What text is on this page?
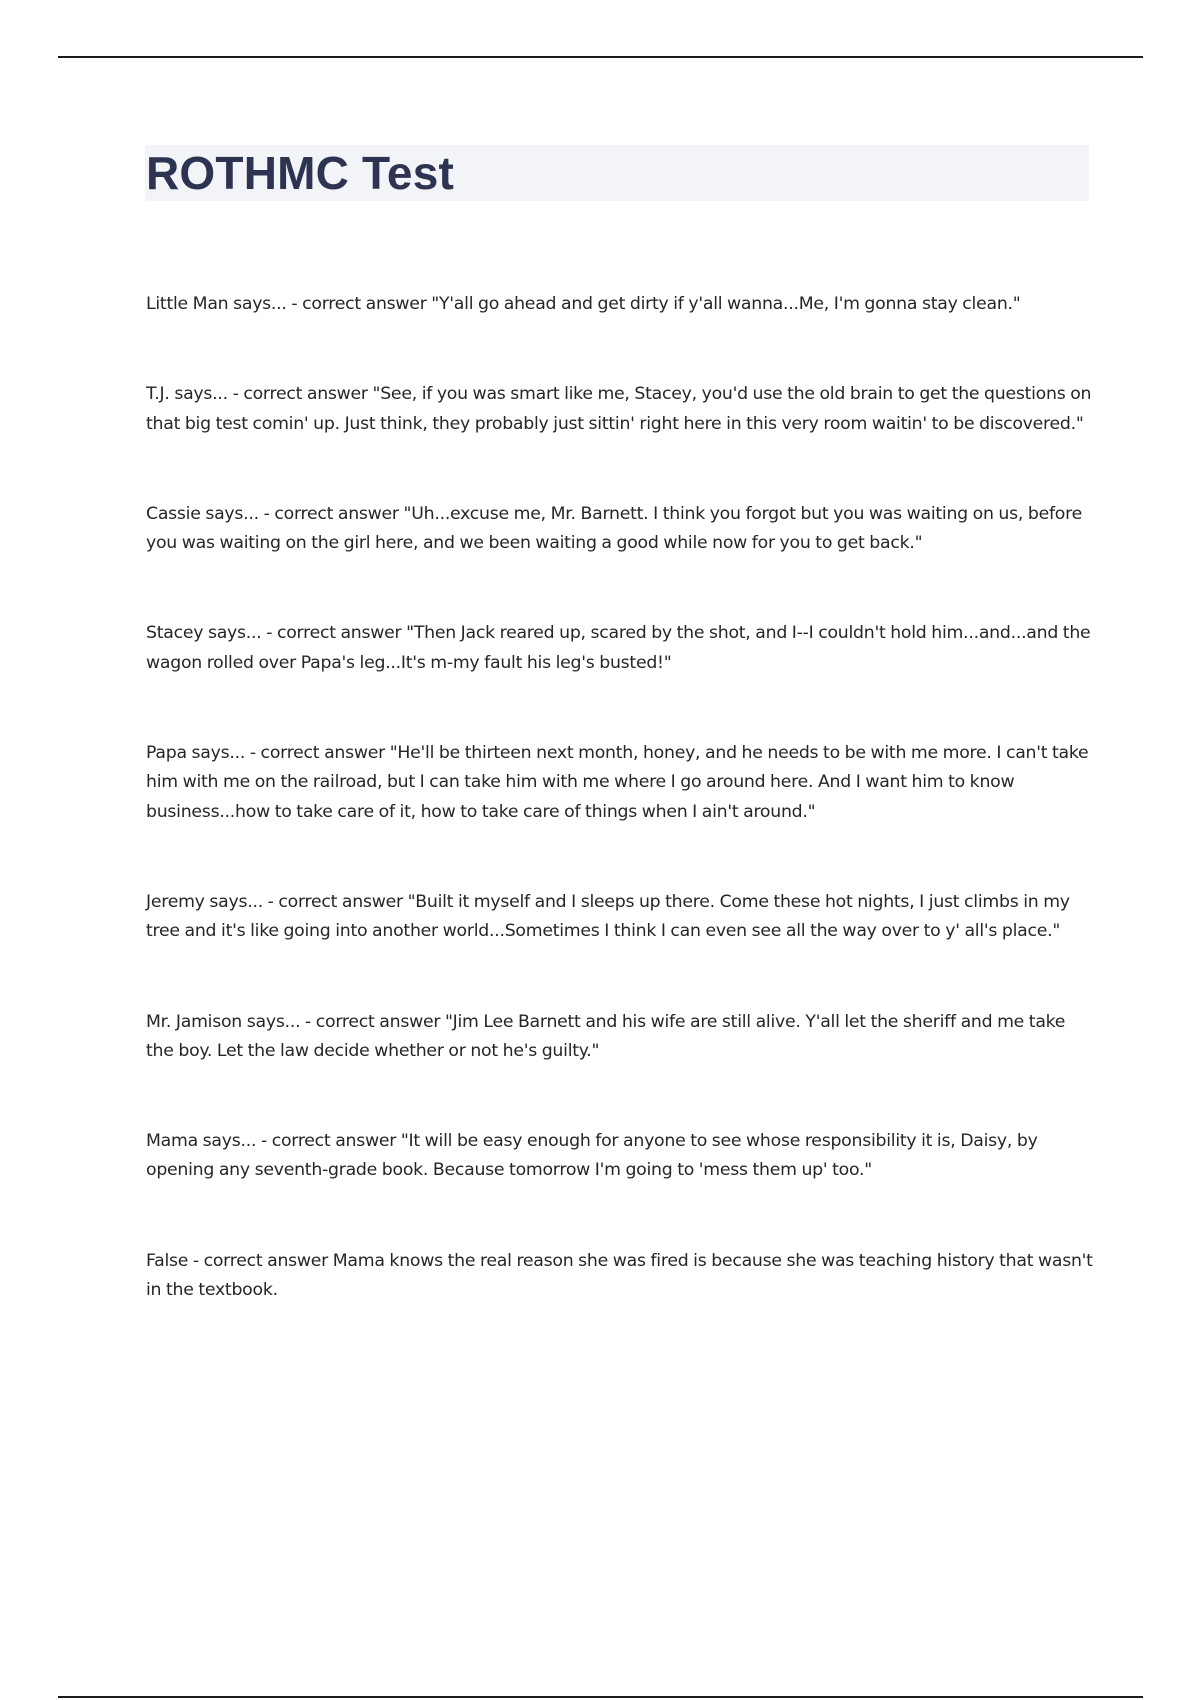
ROTHMC Test
Little Man says... - correct answer "Y'all go ahead and get dirty if y'all wanna...Me, I'm gonna stay clean."
T.J. says... - correct answer "See, if you was smart like me, Stacey, you'd use the old brain to get the questions on that big test comin' up. Just think, they probably just sittin' right here in this very room waitin' to be discovered."
Cassie says... - correct answer "Uh...excuse me, Mr. Barnett. I think you forgot but you was waiting on us, before you was waiting on the girl here, and we been waiting a good while now for you to get back."
Stacey says... - correct answer "Then Jack reared up, scared by the shot, and I--I couldn't hold him...and...and the wagon rolled over Papa's leg...It's m-my fault his leg's busted!"
Papa says... - correct answer "He'll be thirteen next month, honey, and he needs to be with me more. I can't take him with me on the railroad, but I can take him with me where I go around here. And I want him to know business...how to take care of it, how to take care of things when I ain't around."
Jeremy says... - correct answer "Built it myself and I sleeps up there. Come these hot nights, I just climbs in my tree and it's like going into another world...Sometimes I think I can even see all the way over to y' all's place."
Mr. Jamison says... - correct answer "Jim Lee Barnett and his wife are still alive. Y'all let the sheriff and me take the boy. Let the law decide whether or not he's guilty."
Mama says... - correct answer "It will be easy enough for anyone to see whose responsibility it is, Daisy, by opening any seventh-grade book. Because tomorrow I'm going to 'mess them up' too."
False - correct answer Mama knows the real reason she was fired is because she was teaching history that wasn't in the textbook.
